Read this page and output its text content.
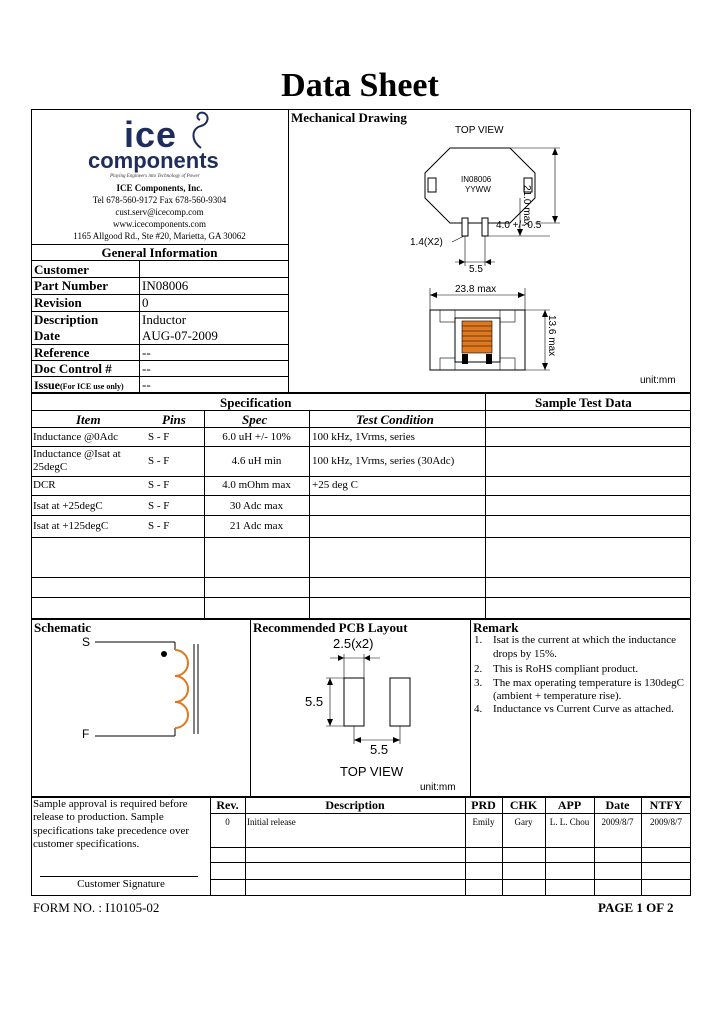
Data Sheet
ice
components
Playing Engineers into Technology of Power
ICE Components, Inc.
Tel 678-560-9172 Fax 678-560-9304
cust.serv@icecomp.com
www.icecomponents.com
1165 Allgood Rd., Ste #20, Marietta, GA 30062
General Information
Customer
Part Number	IN08006
Revision	0
Description	Inductor
Date	AUG-07-2009
Reference	--
Doc Control # --
Issue(For ICE use only) --
Mechanical Drawing
TOP VIEW
IN08006
YYWW	21.0 max
4.0 +/- 0.5
1.4(X2)
5.5
23.8 max
13.6 max
unit:mm
Specification	Sample Test Data
Item	Pins	Spec	Test Condition
Inductance @0Adc	S - F	6.0 uH +/- 10%	100 kHz, 1Vrms, series
Inductance @Isat at
25degC	S - F	4.6 uH min	100 kHz, 1Vrms, series (30Adc)
DCR	S - F	4.0 mOhm max	+25 deg C
Isat at +25degC	S - F	30 Adc max
Isat at +125degC	S - F	21 Adc max
Schematic
S
F
Recommended PCB Layout
2.5(x2)
5.5
5.5
TOP VIEW
unit:mm
Remark
1. Isat is the current at which the inductance
drops by 15%.
2. This is RoHS compliant product.
3. The max operating temperature is 130degC
(ambient + temperature rise).
4. Inductance vs Current Curve as attached.
Sample approval is required before
release to production. Sample
specifications take precedence over
customer specifications.
Customer Signature
Rev.	Description	PRD	CHK	APP	Date	NTFY
0	Initial release	Emily	Gary	L. L. Chou	2009/8/7	2009/8/7
FORM NO. : I10105-02	PAGE 1 OF 2
